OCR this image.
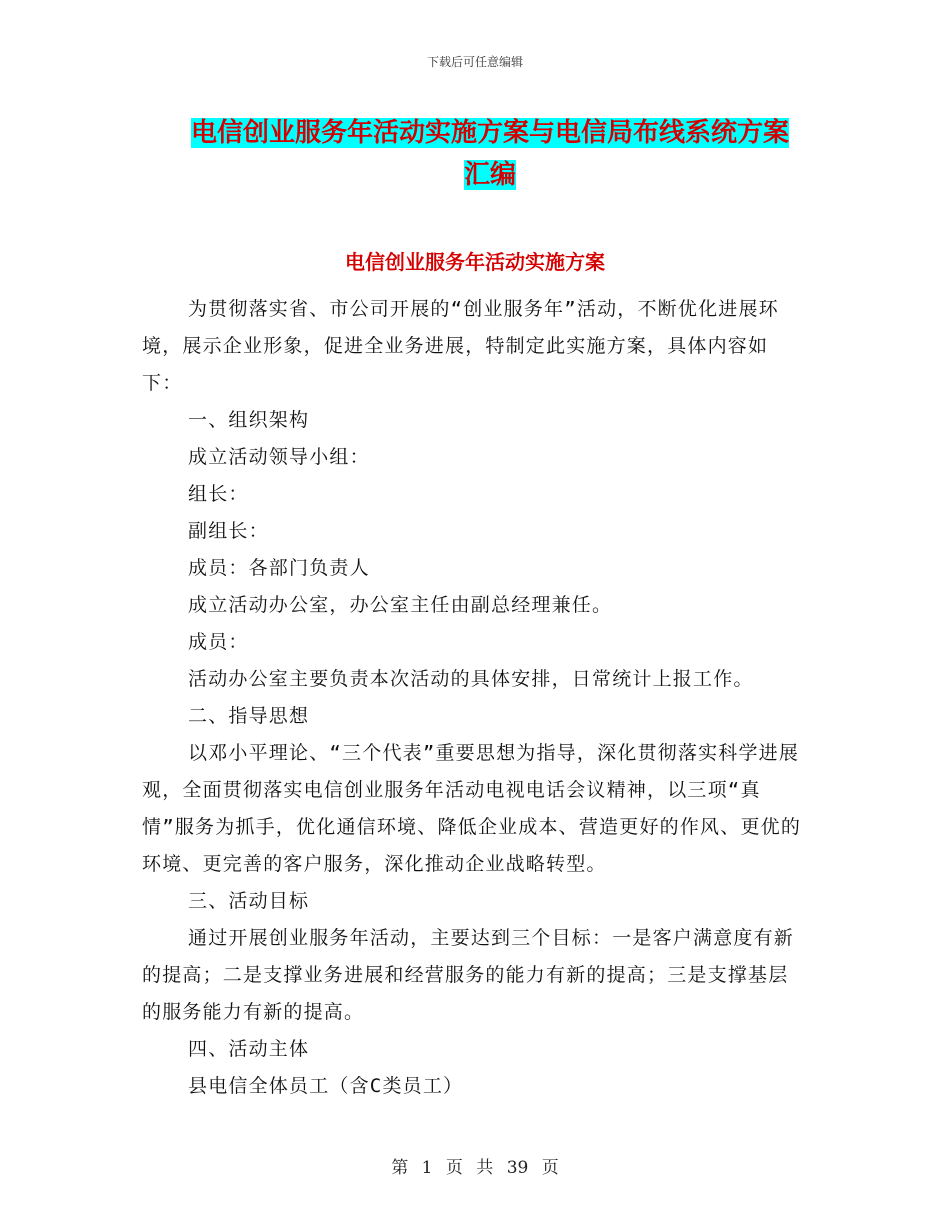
下载后可任意编辑
电信创业服务年活动实施方案与电信局布线系统方案
汇编
电信创业服务年活动实施方案

为贯彻落实省、市公司开展的“创业服务年”活动，不断优化进展环境，展示企业形象，促进全业务进展，特制定此实施方案，具体内容如下：

一、组织架构

成立活动领导小组：

组长：

副组长：

成员：各部门负责人

成立活动办公室，办公室主任由副总经理兼任。

成员：

活动办公室主要负责本次活动的具体安排，日常统计上报工作。

二、指导思想

以邓小平理论、“三个代表”重要思想为指导，深化贯彻落实科学进展观，全面贯彻落实电信创业服务年活动电视电话会议精神，以三项“真情”服务为抓手，优化通信环境、降低企业成本、营造更好的作风、更优的环境、更完善的客户服务，深化推动企业战略转型。

三、活动目标

通过开展创业服务年活动，主要达到三个目标：一是客户满意度有新的提高；二是支撑业务进展和经营服务的能力有新的提高；三是支撑基层的服务能力有新的提高。

四、活动主体

县电信全体员工（含C类员工）

第 1 页 共 39 页
